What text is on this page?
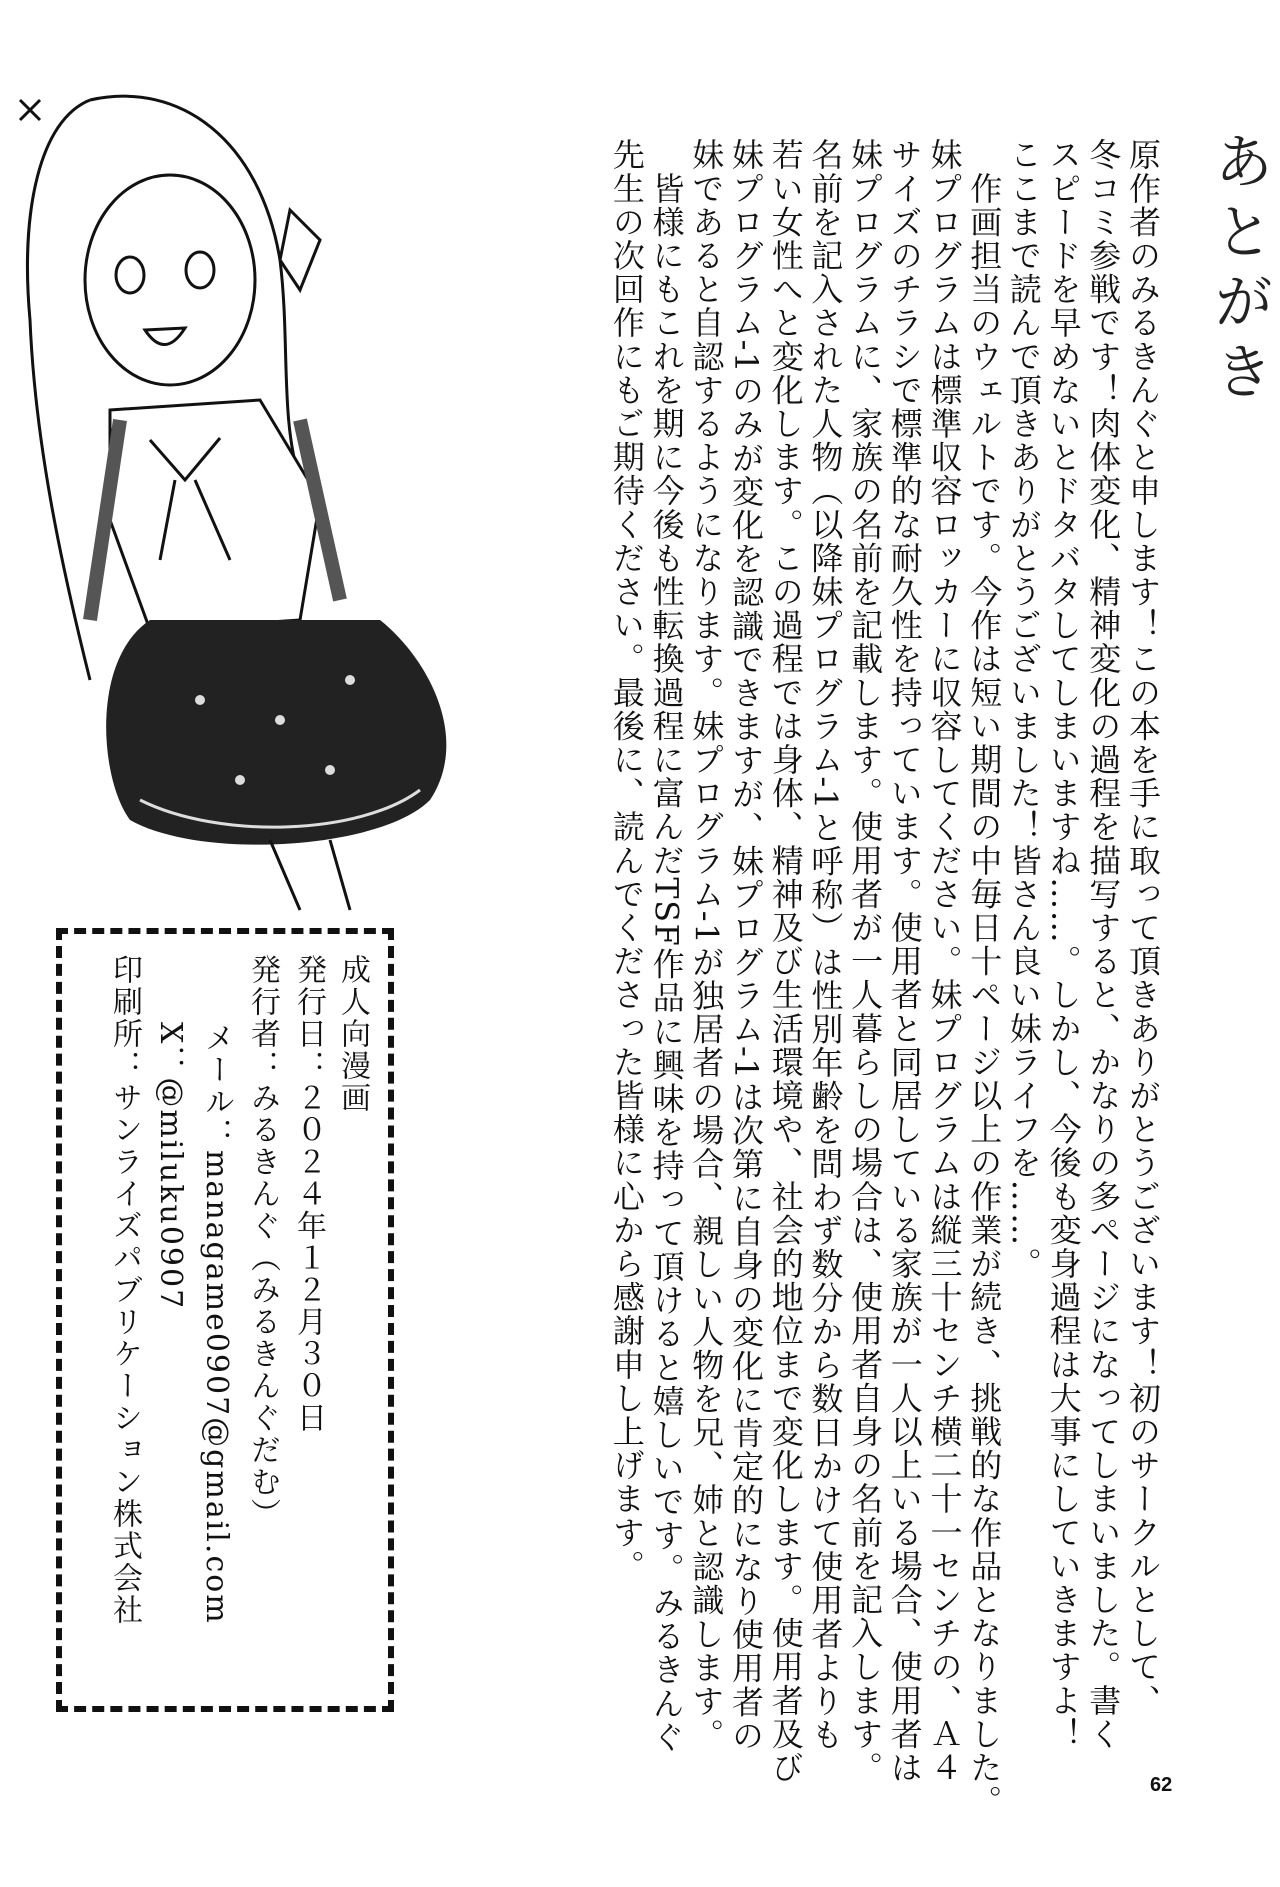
あとがき
原作者のみるきんぐと申します！この本を手に取って頂きありがとうございます！初のサークルとして、
冬コミ参戦です！肉体変化、精神変化の過程を描写すると、かなりの多ページになってしまいました。書く
スピードを早めないとドタバタしてしまいますね……。しかし、今後も変身過程は大事にしていきますよ！
ここまで読んで頂きありがとうございました！皆さん良い妹ライフを……。
　作画担当のウェルトです。今作は短い期間の中毎日十ページ以上の作業が続き、挑戦的な作品となりました。
妹プログラムは標準収容ロッカーに収容してください。妹プログラムは縦三十センチ横二十一センチの、Ａ４
サイズのチラシで標準的な耐久性を持っています。使用者と同居している家族が一人以上いる場合、使用者は
妹プログラムに、家族の名前を記載します。使用者が一人暮らしの場合は、使用者自身の名前を記入します。
名前を記入された人物（以降妹プログラム-1と呼称）は性別年齢を問わず数分から数日かけて使用者よりも
若い女性へと変化します。この過程では身体、精神及び生活環境や、社会的地位まで変化します。使用者及び
妹プログラム-1のみが変化を認識できますが、妹プログラム-1は次第に自身の変化に肯定的になり使用者の
妹であると自認するようになります。妹プログラム-1が独居者の場合、親しい人物を兄、姉と認識します。
　皆様にもこれを期に今後も性転換過程に富んだTSF作品に興味を持って頂けると嬉しいです。みるきんぐ
先生の次回作にもご期待ください。最後に、読んでくださった皆様に心から感謝申し上げます。
成人向漫画
発行日：２０２４年１２月３０日
発行者：みるきんぐ（みるきんぐだむ）
メール：managame0907@gmail.com
X：@miluku0907
印刷所：サンライズパブリケーション株式会社
62
